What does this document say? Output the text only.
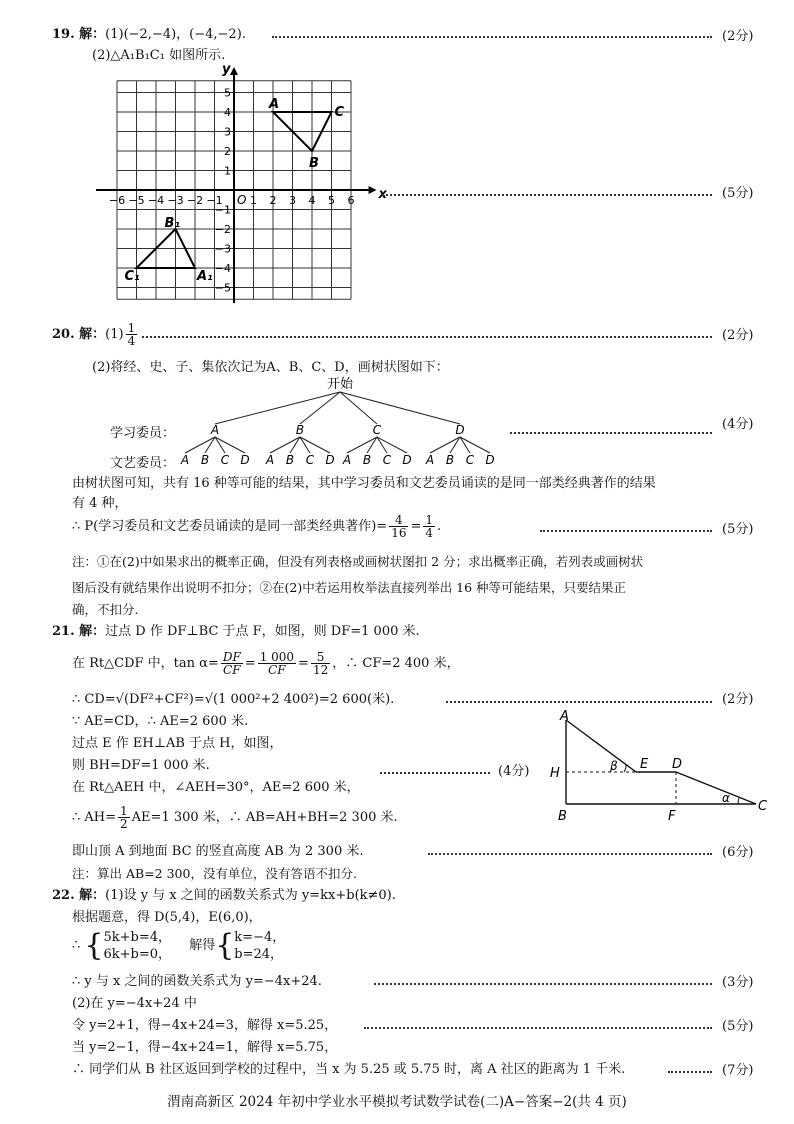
19. 解：(1)(−2,−4)，(−4,−2).	(2分)
(2)△A₁B₁C₁ 如图所示.
−6 −5 −4 −3 −2 −1 1 2 3 4 5 6
5
4
3
2
1
−1
−2
−3
−4
−5
O	x
y
A
B
C
B₁
C₁	A₁
(5分)
20. 解：$(1) \frac{1}{4}$	(2分)
(2)将经、史、子、集依次记为A、B、C、D，画树状图如下：
开始
A
A B C D
B
A B C D
C
A B C D
D
A B C D
学习委员：
文艺委员：
(4分)
由树状图可知，共有 16 种等可能的结果，其中学习委员和文艺委员诵读的是同一部类经典著作的结果
有 4 种，
∴ P(学习委员和文艺委员诵读的是同一部类经典著作)= $\frac{4}{16} = \frac{1}{4}$ .	(5分)
注：①在(2)中如果求出的概率正确，但没有列表格或画树状图扣 2 分；求出概率正确，若列表或画树状
图后没有就结果作出说明不扣分；②在(2)中若运用枚举法直接列举出 16 种等可能结果，只要结果正
确，不扣分.
21. 解：过点 D 作 DF⊥BC 于点 F，如图，则 DF=1 000 米.
在 Rt△CDF 中，$\tan \alpha= \frac{DF}{CF} = \frac{1 000}{CF} = \frac{5}{12}$ ，∴ CF=2 400 米，
∴ CD=√(DF²+CF²)=√(1 000²+2 400²)=2 600(米).	(2分)
∵ AE=CD，∴ AE=2 600 米.
过点 E 作 EH⊥AB 于点 H，如图，
则 BH=DF=1 000 米.
在 Rt△AEH 中，∠AEH=30°，AE=2 600 米，
∴ $AH= \frac{1}{2} AE=1$ 300 米，∴ AB=AH+BH=2 300 米.
(4分)
即山顶 A 到地面 BC 的竖直高度 AB 为 2 300 米.	(6分)
注：算出 AB=2 300，没有单位，没有答语不扣分.
A
H
B
E D
F
C
β
α
22. 解：(1)设 y 与 x 之间的函数关系式为 y=kx+b(k≠0).
根据题意，得 D(5,4)，E(6,0)，
∴ { 5k+b=4，
6k+b=0，
解得{ k=−4，
b=24，
∴ y 与 x 之间的函数关系式为 y=−4x+24.	(3分)
(2)在 y=−4x+24 中
令 y=2+1，得−4x+24=3，解得 x=5.25，	(5分)
当 y=2−1，得−4x+24=1，解得 x=5.75，
∴ 同学们从 B 社区返回到学校的过程中，当 x 为 5.25 或 5.75 时，离 A 社区的距离为 1 千米.	(7分)
渭南高新区 2024 年初中学业水平模拟考试数学试卷(二)A−答案−2(共 4 页)
